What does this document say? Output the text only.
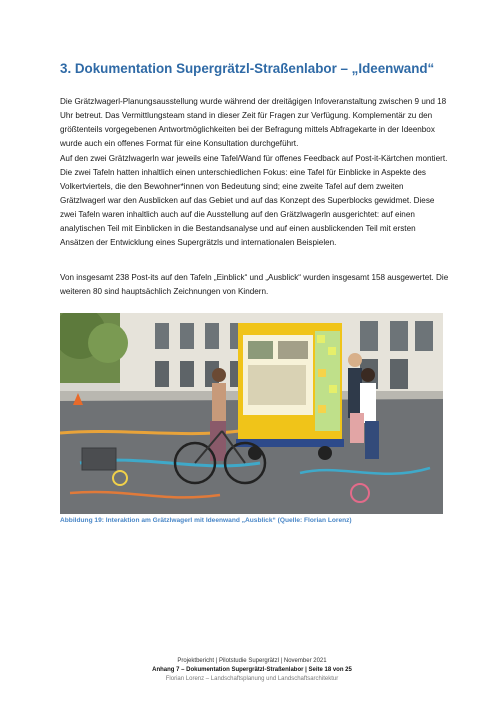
3. Dokumentation Supergrätzl-Straßenlabor – „Ideenwand“

Die Grätzlwagerl-Planungsausstellung wurde während der dreitägigen Infoveranstaltung zwischen 9 und 18 Uhr betreut. Das Vermittlungsteam stand in dieser Zeit für Fragen zur Verfügung. Komplementär zu den größtenteils vorgegebenen Antwortmöglichkeiten bei der Befragung mittels Abfragekarte in der Ideenbox wurde auch ein offenes Format für eine Konsultation durchgeführt.

Auf den zwei Grätzlwagerln war jeweils eine Tafel/Wand für offenes Feedback auf Post-it-Kärtchen montiert. Die zwei Tafeln hatten inhaltlich einen unterschiedlichen Fokus: eine Tafel für Einblicke in Aspekte des Volkertviertels, die den Bewohner*innen von Bedeutung sind; eine zweite Tafel auf dem zweiten Grätzlwagerl war den Ausblicken auf das Gebiet und auf das Konzept des Superblocks gewidmet. Diese zwei Tafeln waren inhaltlich auch auf die Ausstellung auf den Grätzlwagerln ausgerichtet: auf einen analytischen Teil mit Einblicken in die Bestandsanalyse und auf einen ausblickenden Teil mit ersten Ansätzen der Entwicklung eines Supergrätzls und internationalen Beispielen.

Von insgesamt 238 Post-its auf den Tafeln „Einblick“ und „Ausblick“ wurden insgesamt 158 ausgewertet. Die weiteren 80 sind hauptsächlich Zeichnungen von Kindern.

Abbildung 19: Interaktion am Grätzlwagerl mit Ideenwand „Ausblick“ (Quelle: Florian Lorenz)
Projektbericht | Pilotstudie Supergrätzl | November 2021
Anhang 7 – Dokumentation Supergrätzl-Straßenlabor | Seite 18 von 25
Florian Lorenz – Landschaftsplanung und Landschaftsarchitektur
